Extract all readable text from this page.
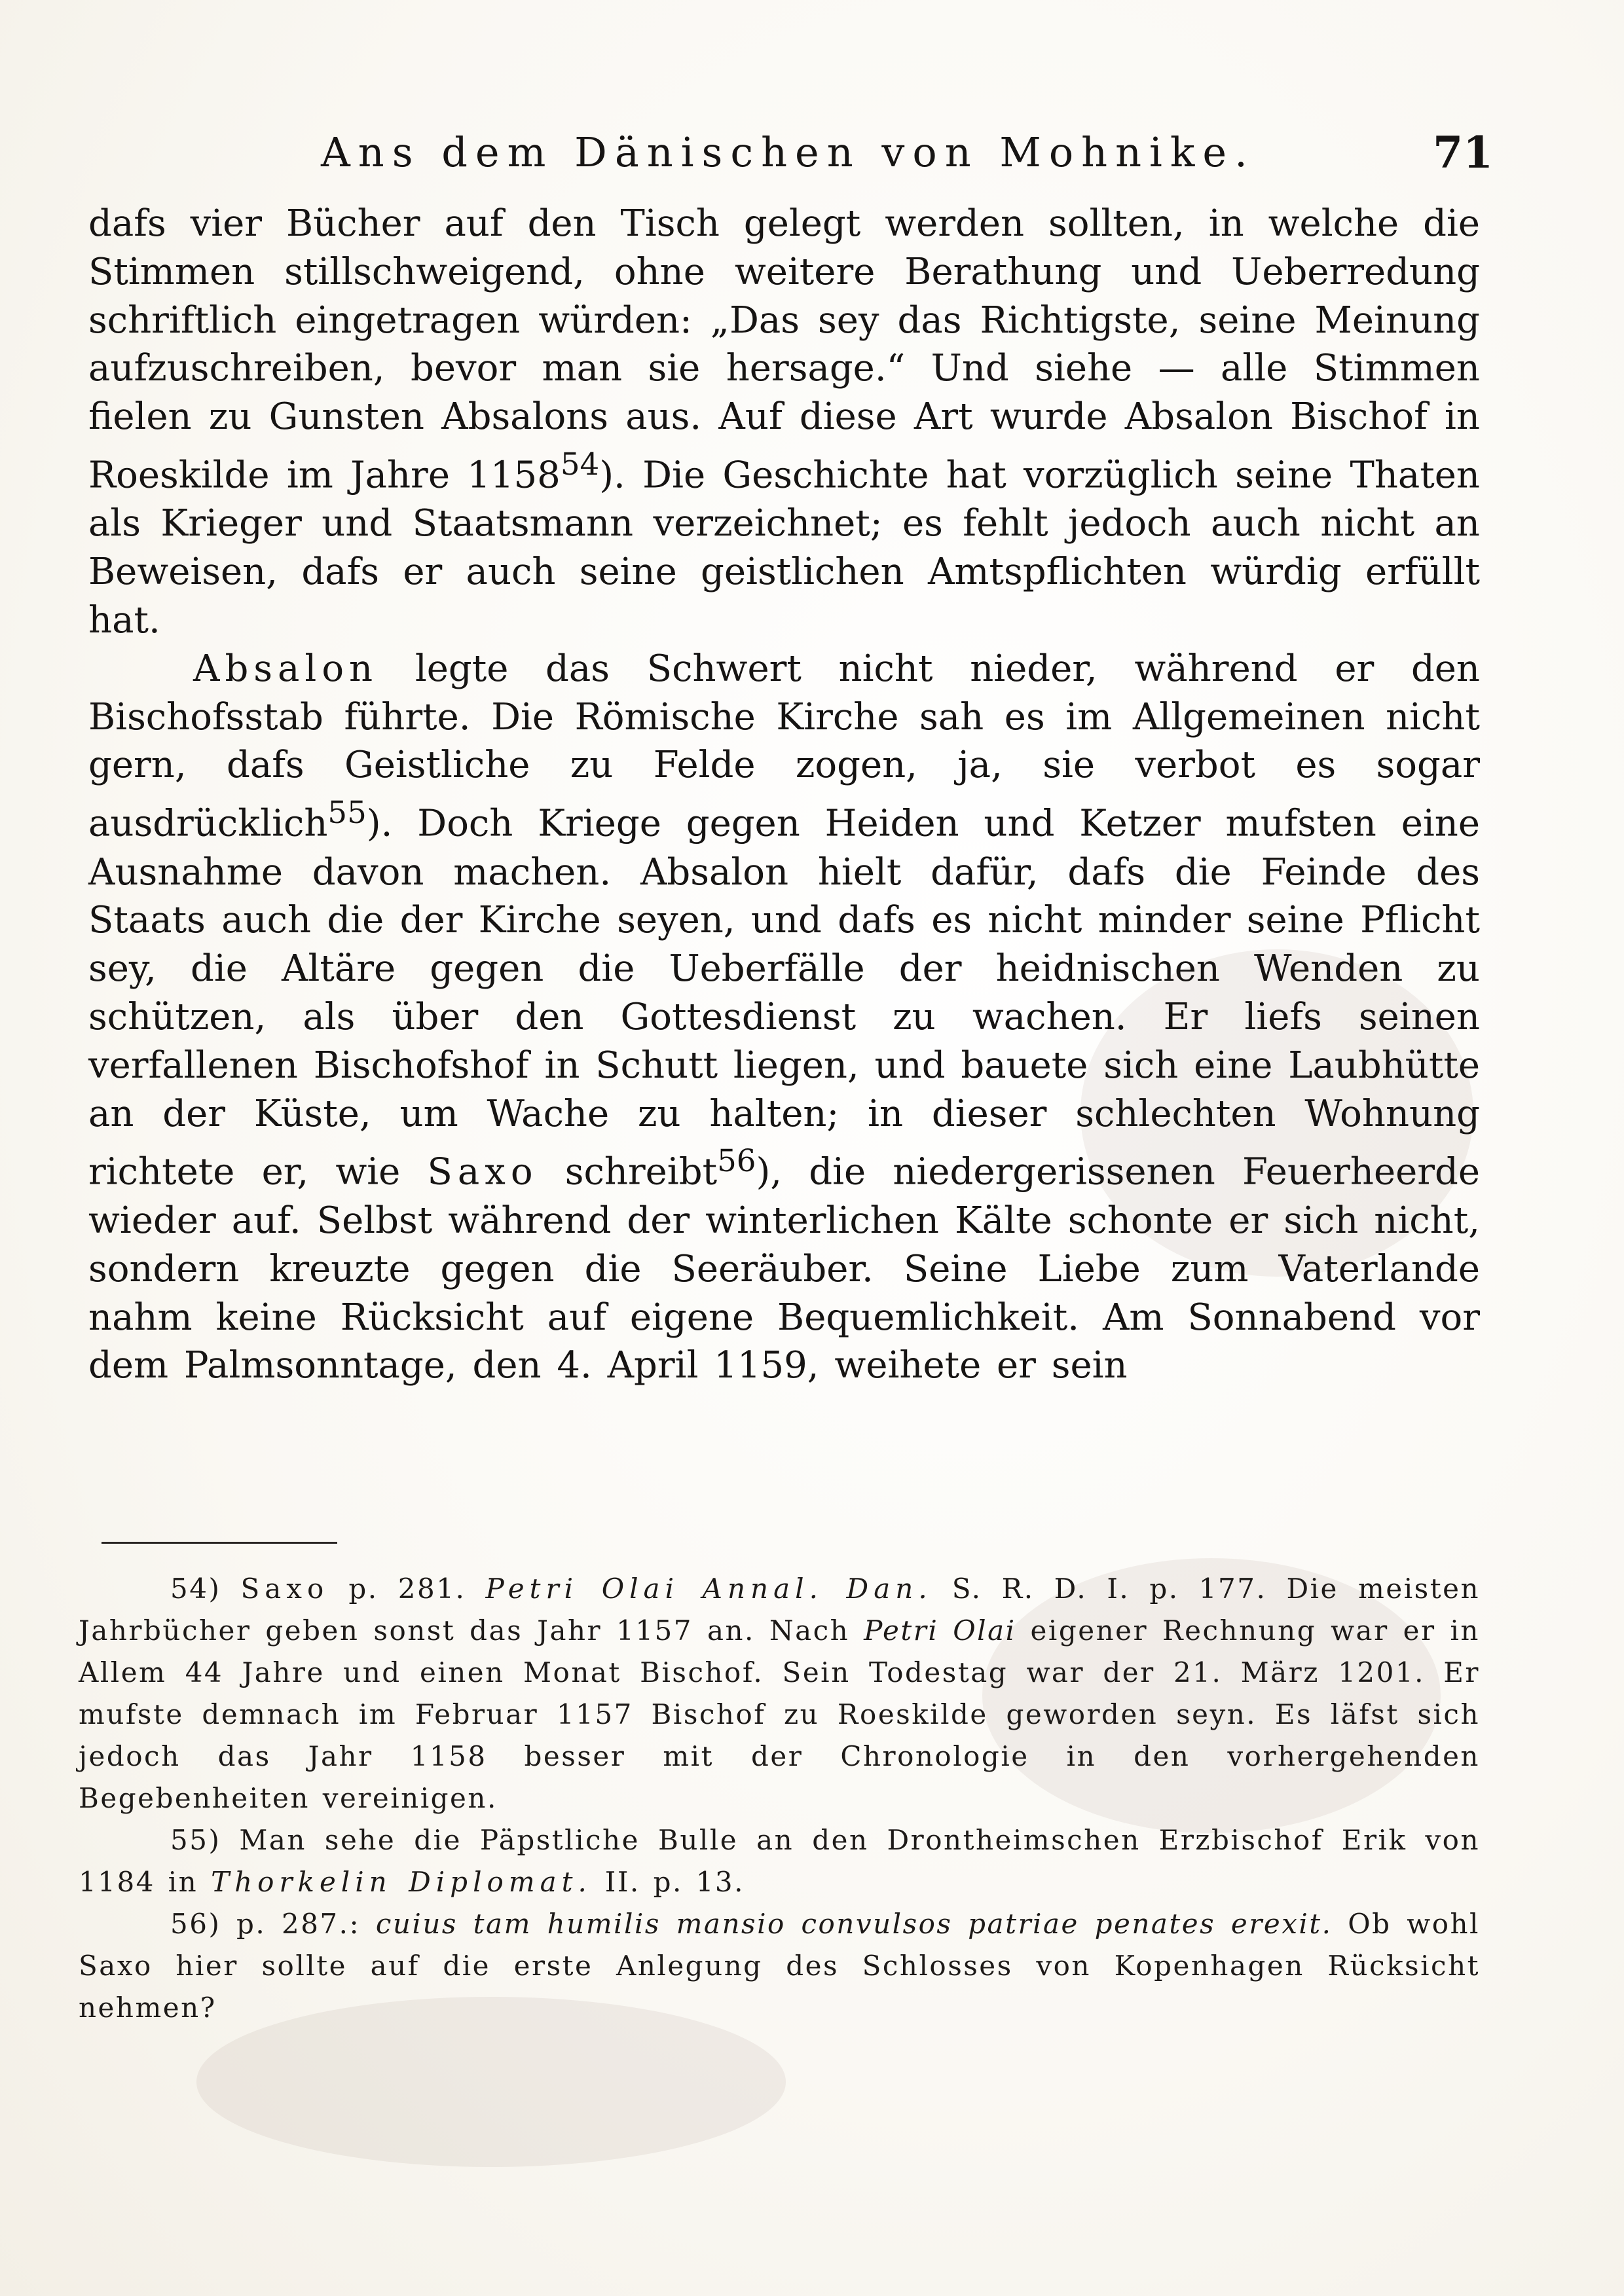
Ans dem Dänischen von Mohnike.	71

dafs vier Bücher auf den Tisch gelegt werden sollten, in welche die Stimmen stillschweigend, ohne weitere Berathung und Ueberredung schriftlich eingetragen würden: „Das sey das Richtigste, seine Meinung aufzuschreiben, bevor man sie hersage.“ Und siehe — alle Stimmen fielen zu Gunsten Absalons aus. Auf diese Art wurde Absalon Bischof in Roeskilde im Jahre 1158$^{54}$). Die Geschichte hat vorzüglich seine Thaten als Krieger und Staatsmann verzeichnet; es fehlt jedoch auch nicht an Beweisen, dafs er auch seine geistlichen Amtspflichten würdig erfüllt hat.

Absalon legte das Schwert nicht nieder, während er den Bischofsstab führte. Die Römische Kirche sah es im Allgemeinen nicht gern, dafs Geistliche zu Felde zogen, ja, sie verbot es sogar ausdrücklich$^{55}$). Doch Kriege gegen Heiden und Ketzer mufsten eine Ausnahme davon machen. Absalon hielt dafür, dafs die Feinde des Staats auch die der Kirche seyen, und dafs es nicht minder seine Pflicht sey, die Altäre gegen die Ueberfälle der heidnischen Wenden zu schützen, als über den Gottesdienst zu wachen. Er liefs seinen verfallenen Bischofshof in Schutt liegen, und bauete sich eine Laubhütte an der Küste, um Wache zu halten; in dieser schlechten Wohnung richtete er, wie Saxo schreibt$^{56}$), die niedergerissenen Feuerheerde wieder auf. Selbst während der winterlichen Kälte schonte er sich nicht, sondern kreuzte gegen die Seeräuber. Seine Liebe zum Vaterlande nahm keine Rücksicht auf eigene Bequemlichkeit. Am Sonnabend vor dem Palmsonntage, den 4. April 1159, weihete er sein

54) Saxo p. 281. Petri Olai Annal. Dan. S. R. D. I. p. 177. Die meisten Jahrbücher geben sonst das Jahr 1157 an. Nach Petri Olai eigener Rechnung war er in Allem 44 Jahre und einen Monat Bischof. Sein Todestag war der 21. März 1201. Er mufste demnach im Februar 1157 Bischof zu Roeskilde geworden seyn. Es läfst sich jedoch das Jahr 1158 besser mit der Chronologie in den vorhergehenden Begebenheiten vereinigen.

55) Man sehe die Päpstliche Bulle an den Drontheimschen Erzbischof Erik von 1184 in Thorkelin Diplomat. II. p. 13.

56) p. 287.: cuius tam humilis mansio convulsos patriae penates erexit. Ob wohl Saxo hier sollte auf die erste Anlegung des Schlosses von Kopenhagen Rücksicht nehmen?
